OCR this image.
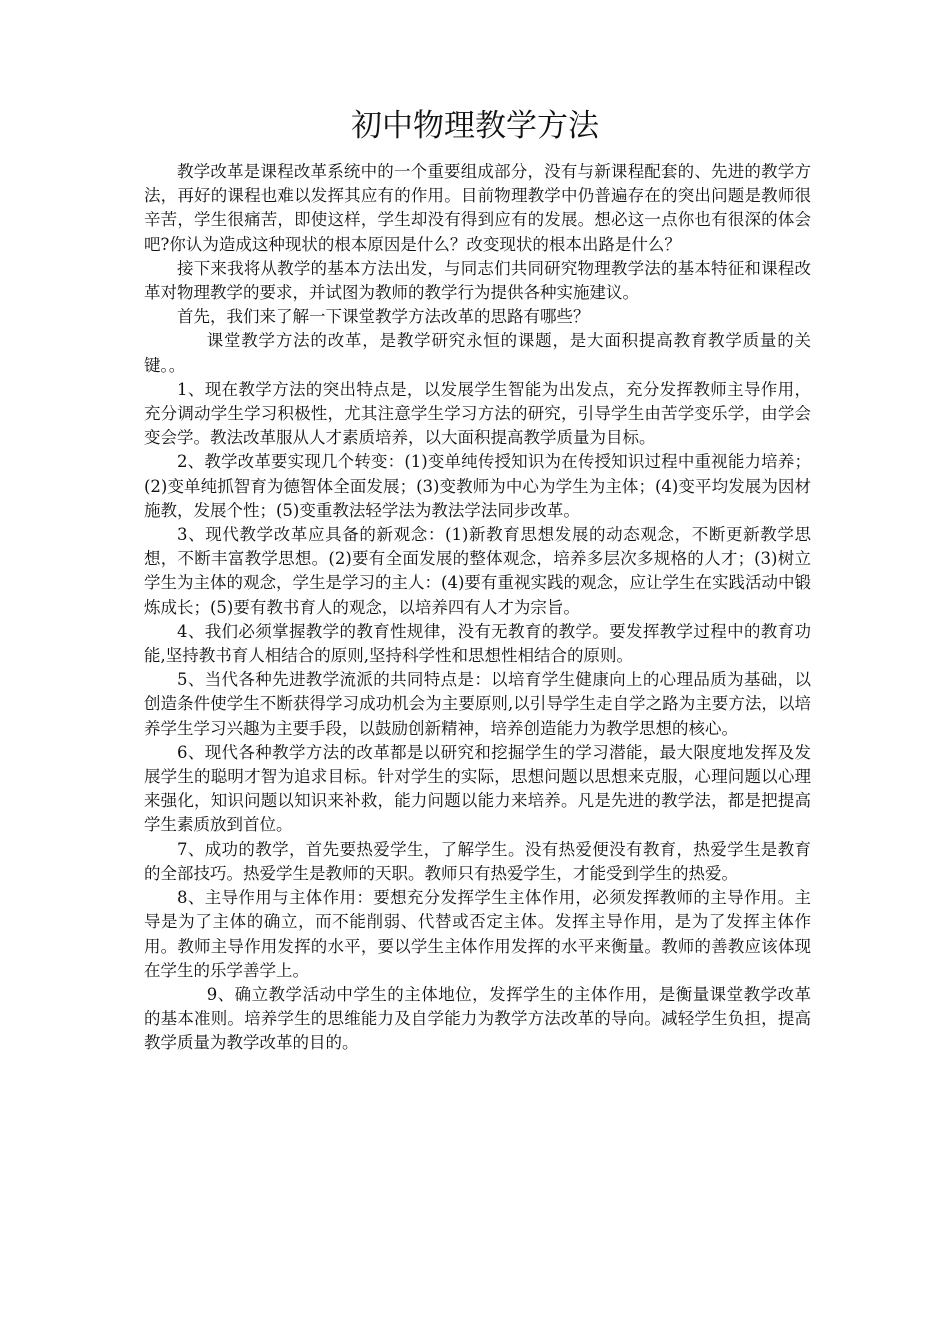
初中物理教学方法

教学改革是课程改革系统中的一个重要组成部分，没有与新课程配套的、先进的教学方法，再好的课程也难以发挥其应有的作用。目前物理教学中仍普遍存在的突出问题是教师很辛苦，学生很痛苦，即使这样，学生却没有得到应有的发展。想必这一点你也有很深的体会吧?你认为造成这种现状的根本原因是什么？改变现状的根本出路是什么？

接下来我将从教学的基本方法出发，与同志们共同研究物理教学法的基本特征和课程改革对物理教学的要求，并试图为教师的教学行为提供各种实施建议。

首先，我们来了解一下课堂教学方法改革的思路有哪些？

课堂教学方法的改革，是教学研究永恒的课题，是大面积提高教育教学质量的关键。。

1、现在教学方法的突出特点是，以发展学生智能为出发点，充分发挥教师主导作用，充分调动学生学习积极性，尤其注意学生学习方法的研究，引导学生由苦学变乐学，由学会变会学。教法改革服从人才素质培养，以大面积提高教学质量为目标。

2、教学改革要实现几个转变：(1)变单纯传授知识为在传授知识过程中重视能力培养；(2)变单纯抓智育为德智体全面发展；(3)变教师为中心为学生为主体；(4)变平均发展为因材施教，发展个性；(5)变重教法轻学法为教法学法同步改革。

3、现代教学改革应具备的新观念：(1)新教育思想发展的动态观念，不断更新教学思想，不断丰富教学思想。(2)要有全面发展的整体观念，培养多层次多规格的人才；(3)树立学生为主体的观念，学生是学习的主人：(4)要有重视实践的观念，应让学生在实践活动中锻炼成长；(5)要有教书育人的观念，以培养四有人才为宗旨。

4、我们必须掌握教学的教育性规律，没有无教育的教学。要发挥教学过程中的教育功能,坚持教书育人相结合的原则,坚持科学性和思想性相结合的原则。

5、当代各种先进教学流派的共同特点是：以培育学生健康向上的心理品质为基础，以创造条件使学生不断获得学习成功机会为主要原则,以引导学生走自学之路为主要方法，以培养学生学习兴趣为主要手段，以鼓励创新精神，培养创造能力为教学思想的核心。

6、现代各种教学方法的改革都是以研究和挖掘学生的学习潜能，最大限度地发挥及发展学生的聪明才智为追求目标。针对学生的实际，思想问题以思想来克服，心理问题以心理来强化，知识问题以知识来补救，能力问题以能力来培养。凡是先进的教学法，都是把提高学生素质放到首位。

7、成功的教学，首先要热爱学生，了解学生。没有热爱便没有教育，热爱学生是教育的全部技巧。热爱学生是教师的天职。教师只有热爱学生，才能受到学生的热爱。

8、主导作用与主体作用：要想充分发挥学生主体作用，必须发挥教师的主导作用。主导是为了主体的确立，而不能削弱、代替或否定主体。发挥主导作用，是为了发挥主体作用。教师主导作用发挥的水平，要以学生主体作用发挥的水平来衡量。教师的善教应该体现在学生的乐学善学上。

9、确立教学活动中学生的主体地位，发挥学生的主体作用，是衡量课堂教学改革的基本准则。培养学生的思维能力及自学能力为教学方法改革的导向。减轻学生负担，提高教学质量为教学改革的目的。
